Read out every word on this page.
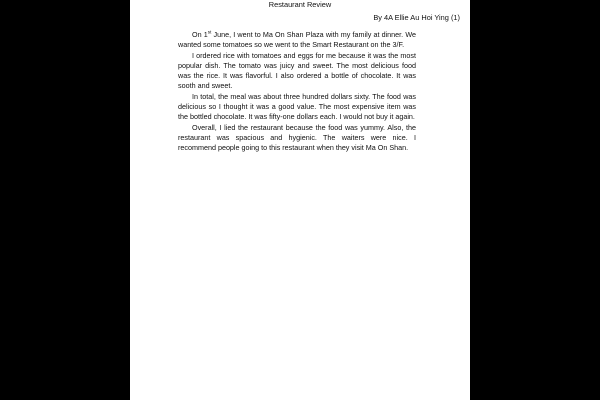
Restaurant Review

By 4A Ellie Au Hoi Ying (1)

On 1st June, I went to Ma On Shan Plaza with my family at dinner. We wanted some tomatoes so we went to the Smart Restaurant on the 3/F.

I ordered rice with tomatoes and eggs for me because it was the most popular dish. The tomato was juicy and sweet. The most delicious food was the rice. It was flavorful. I also ordered a bottle of chocolate. It was sooth and sweet.

In total, the meal was about three hundred dollars sixty. The food was delicious so I thought it was a good value. The most expensive item was the bottled chocolate. It was fifty-one dollars each. I would not buy it again.

Overall, I lied the restaurant because the food was yummy. Also, the restaurant was spacious and hygienic. The waiters were nice. I recommend people going to this restaurant when they visit Ma On Shan.
